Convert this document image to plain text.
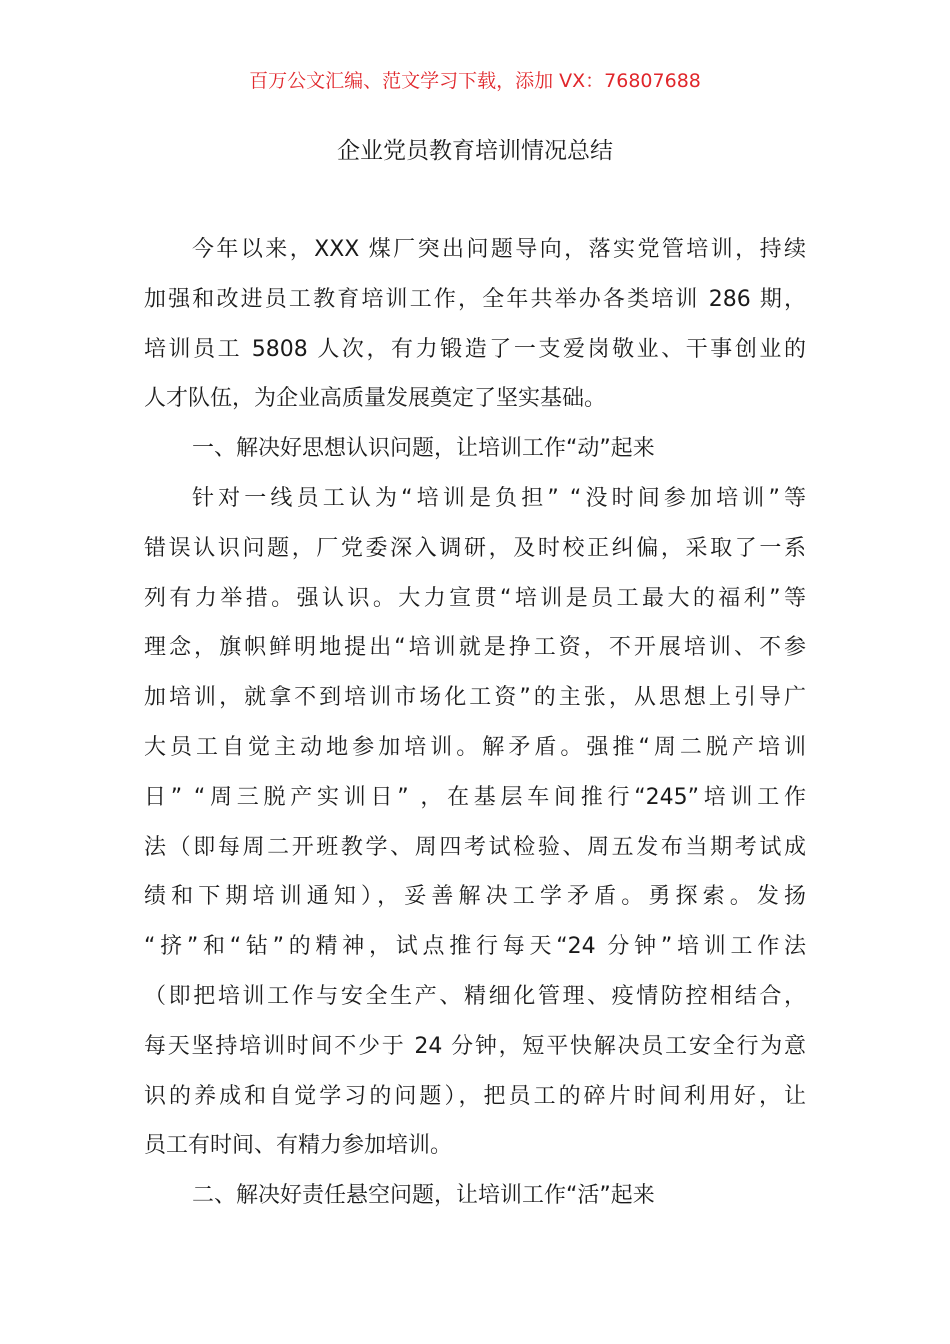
百万公文汇编、范文学习下载，添加 VX：76807688
企业党员教育培训情况总结
今年以来，XXX 煤厂突出问题导向，落实党管培训，持续
加强和改进员工教育培训工作，全年共举办各类培训 286 期，
培训员工 5808 人次，有力锻造了一支爱岗敬业、干事创业的
人才队伍，为企业高质量发展奠定了坚实基础。
一、解决好思想认识问题，让培训工作“动”起来
针对一线员工认为“培训是负担” “没时间参加培训”等
错误认识问题，厂党委深入调研，及时校正纠偏，采取了一系
列有力举措。强认识。大力宣贯“培训是员工最大的福利”等
理念，旗帜鲜明地提出“培训就是挣工资，不开展培训、不参
加培训，就拿不到培训市场化工资”的主张，从思想上引导广
大员工自觉主动地参加培训。解矛盾。强推“周二脱产培训
日” “周三脱产实训日” ，在基层车间推行“245”培训工作
法（即每周二开班教学、周四考试检验、周五发布当期考试成
绩和下期培训通知），妥善解决工学矛盾。勇探索。发扬
“挤”和“钻”的精神，试点推行每天“24 分钟”培训工作法
（即把培训工作与安全生产、精细化管理、疫情防控相结合，
每天坚持培训时间不少于 24 分钟，短平快解决员工安全行为意
识的养成和自觉学习的问题），把员工的碎片时间利用好，让
员工有时间、有精力参加培训。
二、解决好责任悬空问题，让培训工作“活”起来
